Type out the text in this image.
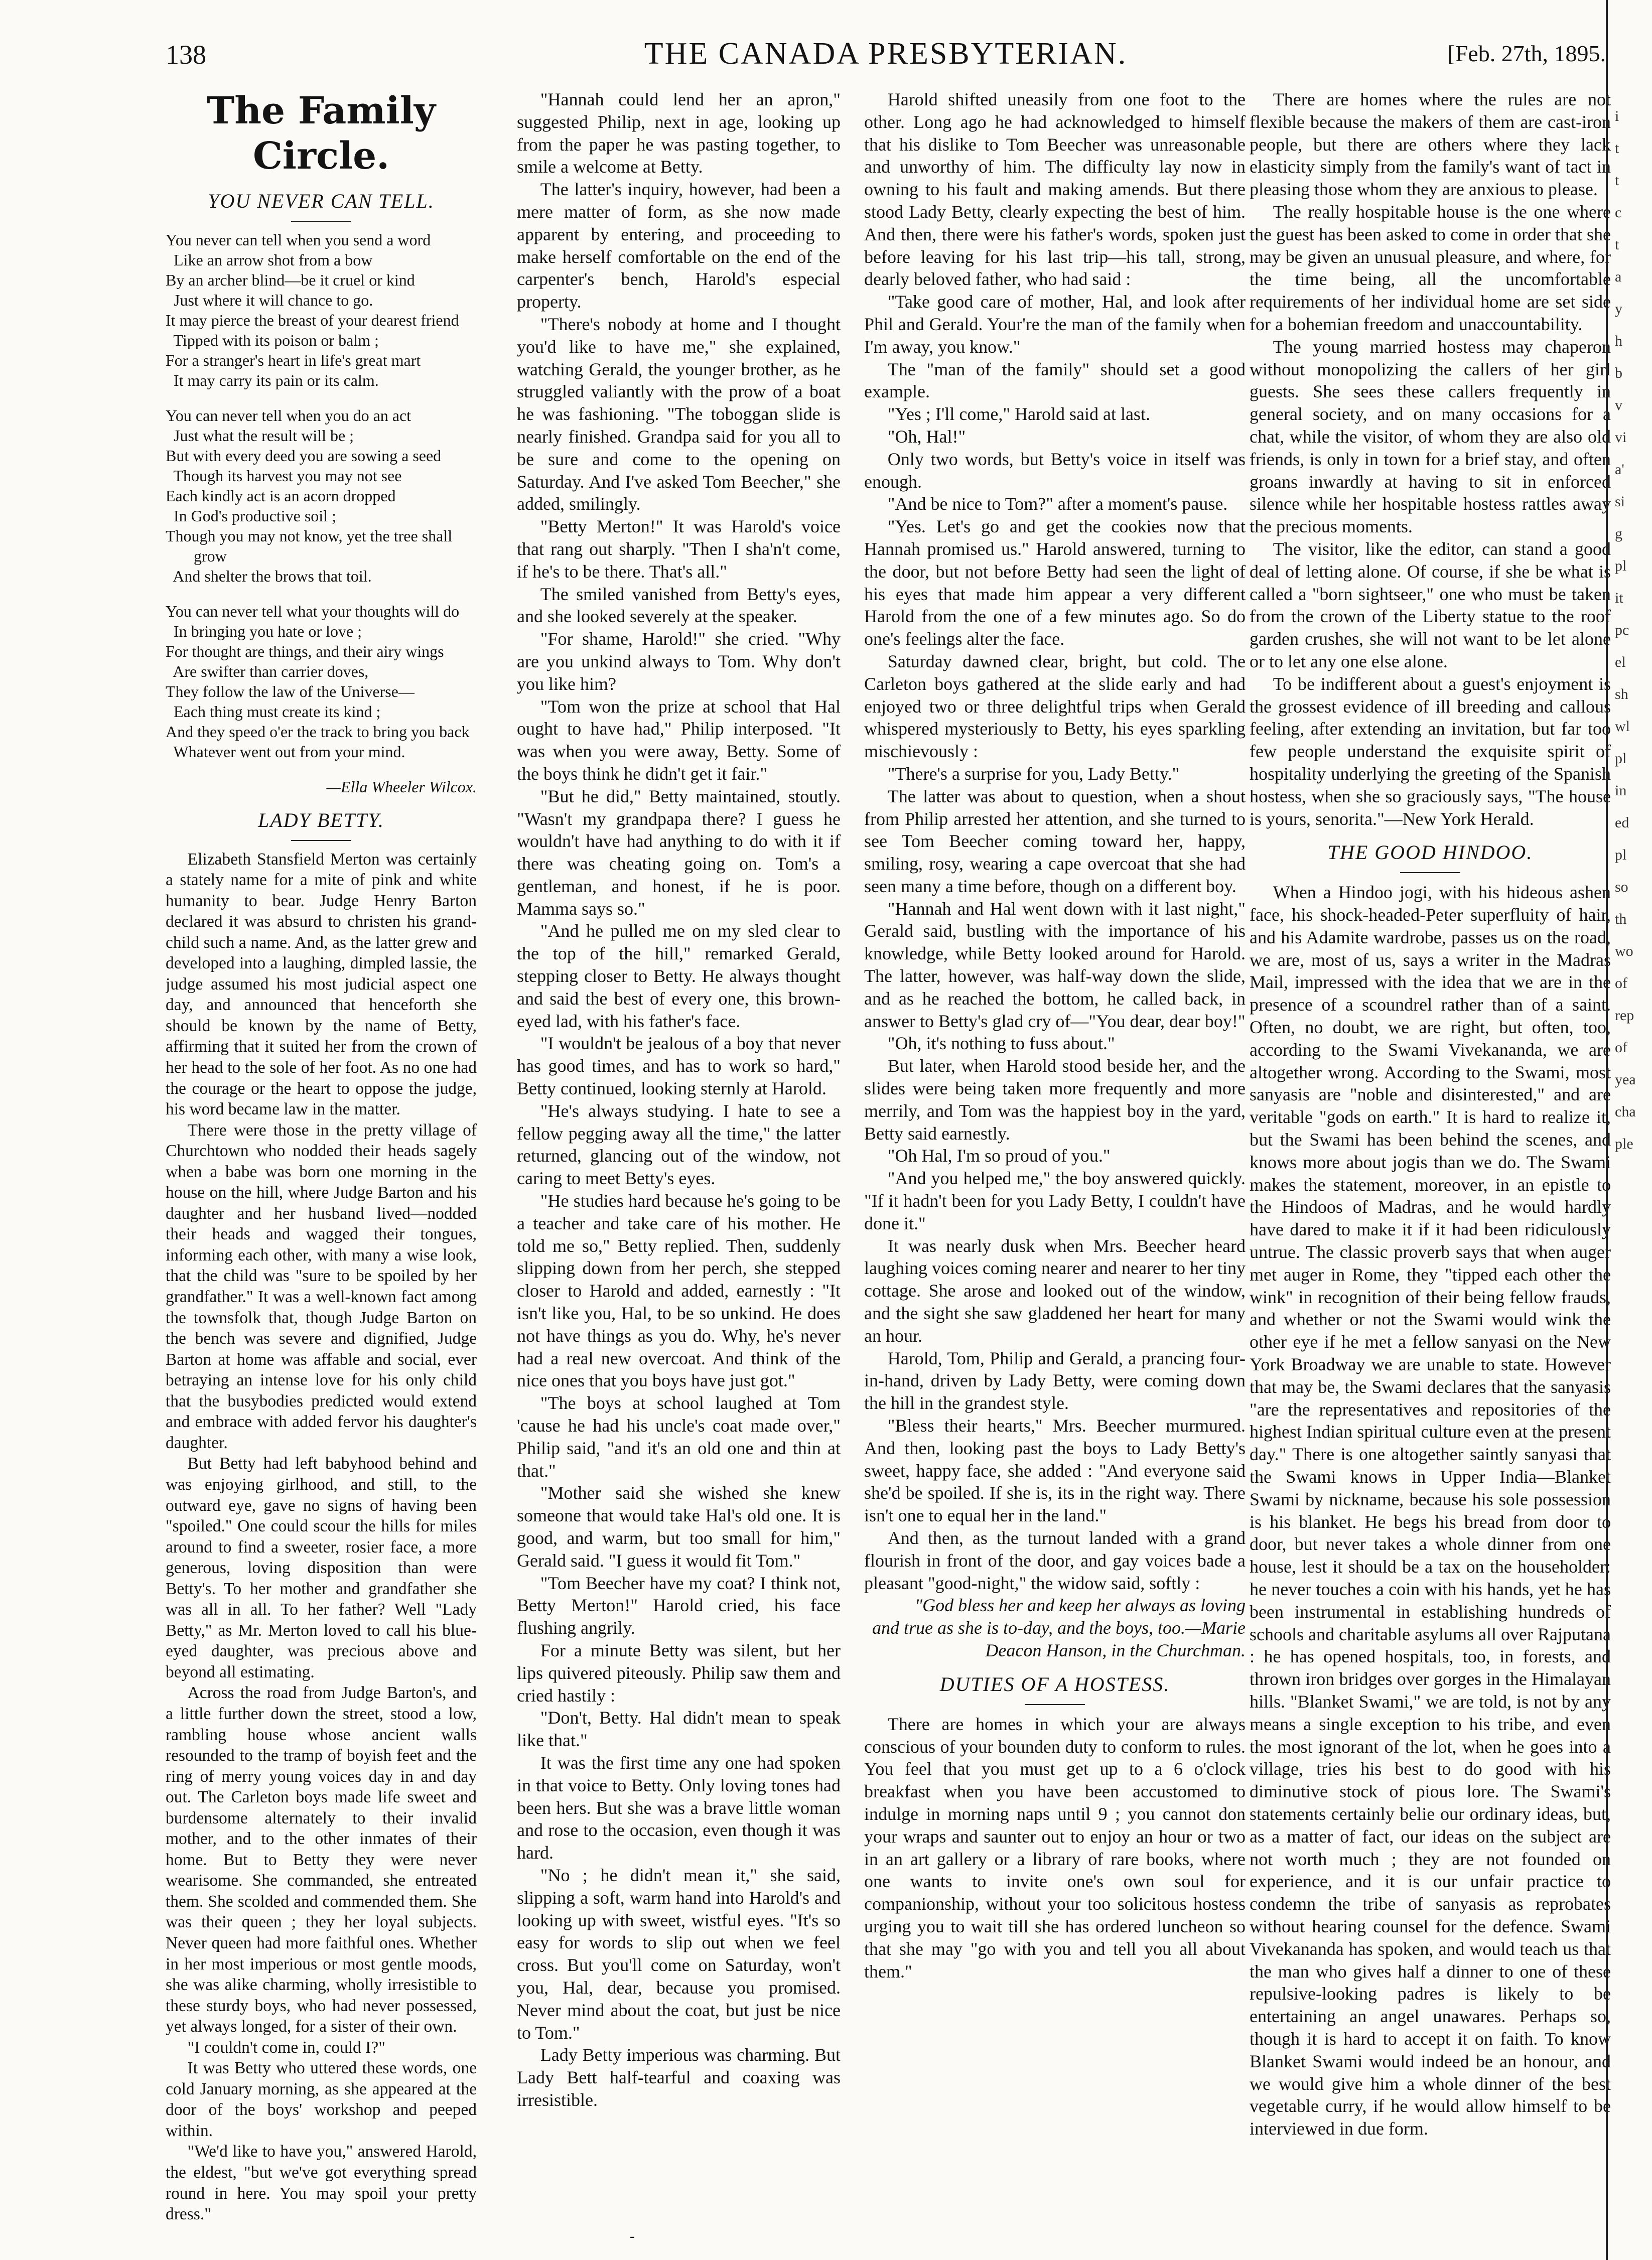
138	THE CANADA PRESBYTERIAN.	[Feb. 27th, 1895.
The Family Circle.
YOU NEVER CAN TELL.
You never can tell when you send a word
Like an arrow shot from a bow
By an archer blind—be it cruel or kind
Just where it will chance to go.
It may pierce the breast of your dearest friend
Tipped with its poison or balm ;
For a stranger's heart in life's great mart
It may carry its pain or its calm.
You can never tell when you do an act
Just what the result will be ;
But with every deed you are sowing a seed
Though its harvest you may not see
Each kindly act is an acorn dropped
In God's productive soil ;
Though you may not know, yet the tree shall
grow
And shelter the brows that toil.
You can never tell what your thoughts will do
In bringing you hate or love ;
For thought are things, and their airy wings
Are swifter than carrier doves,
They follow the law of the Universe—
Each thing must create its kind ;
And they speed o'er the track to bring you back
Whatever went out from your mind.
—Ella Wheeler Wilcox.
LADY BETTY.

Elizabeth Stansfield Merton was certainly a stately name for a mite of pink and white humanity to bear. Judge Henry Barton declared it was absurd to christen his grand-child such a name. And, as the latter grew and developed into a laughing, dimpled lassie, the judge assumed his most judicial aspect one day, and announced that henceforth she should be known by the name of Betty, affirming that it suited her from the crown of her head to the sole of her foot. As no one had the courage or the heart to oppose the judge, his word became law in the matter.

There were those in the pretty village of Churchtown who nodded their heads sagely when a babe was born one morning in the house on the hill, where Judge Barton and his daughter and her husband lived—nodded their heads and wagged their tongues, informing each other, with many a wise look, that the child was "sure to be spoiled by her grandfather." It was a well-known fact among the townsfolk that, though Judge Barton on the bench was severe and dignified, Judge Barton at home was affable and social, ever betraying an intense love for his only child that the busybodies predicted would extend and embrace with added fervor his daughter's daughter.

But Betty had left babyhood behind and was enjoying girlhood, and still, to the outward eye, gave no signs of having been "spoiled." One could scour the hills for miles around to find a sweeter, rosier face, a more generous, loving disposition than were Betty's. To her mother and grandfather she was all in all. To her father? Well "Lady Betty," as Mr. Merton loved to call his blue-eyed daughter, was precious above and beyond all estimating.

Across the road from Judge Barton's, and a little further down the street, stood a low, rambling house whose ancient walls resounded to the tramp of boyish feet and the ring of merry young voices day in and day out. The Carleton boys made life sweet and burdensome alternately to their invalid mother, and to the other inmates of their home. But to Betty they were never wearisome. She commanded, she entreated them. She scolded and commended them. She was their queen ; they her loyal subjects. Never queen had more faithful ones. Whether in her most imperious or most gentle moods, she was alike charming, wholly irresistible to these sturdy boys, who had never possessed, yet always longed, for a sister of their own.

"I couldn't come in, could I?"

It was Betty who uttered these words, one cold January morning, as she appeared at the door of the boys' workshop and peeped within.

"We'd like to have you," answered Harold, the eldest, "but we've got everything spread round in here. You may spoil your pretty dress."

"Hannah could lend her an apron," suggested Philip, next in age, looking up from the paper he was pasting together, to smile a welcome at Betty.

The latter's inquiry, however, had been a mere matter of form, as she now made apparent by entering, and proceeding to make herself comfortable on the end of the carpenter's bench, Harold's especial property.

"There's nobody at home and I thought you'd like to have me," she explained, watching Gerald, the younger brother, as he struggled valiantly with the prow of a boat he was fashioning. "The toboggan slide is nearly finished. Grandpa said for you all to be sure and come to the opening on Saturday. And I've asked Tom Beecher," she added, smilingly.

"Betty Merton!" It was Harold's voice that rang out sharply. "Then I sha'n't come, if he's to be there. That's all."

The smiled vanished from Betty's eyes, and she looked severely at the speaker.

"For shame, Harold!" she cried. "Why are you unkind always to Tom. Why don't you like him?

"Tom won the prize at school that Hal ought to have had," Philip interposed. "It was when you were away, Betty. Some of the boys think he didn't get it fair."

"But he did," Betty maintained, stoutly. "Wasn't my grandpapa there? I guess he wouldn't have had anything to do with it if there was cheating going on. Tom's a gentleman, and honest, if he is poor. Mamma says so."

"And he pulled me on my sled clear to the top of the hill," remarked Gerald, stepping closer to Betty. He always thought and said the best of every one, this brown-eyed lad, with his father's face.

"I wouldn't be jealous of a boy that never has good times, and has to work so hard," Betty continued, looking sternly at Harold.

"He's always studying. I hate to see a fellow pegging away all the time," the latter returned, glancing out of the window, not caring to meet Betty's eyes.

"He studies hard because he's going to be a teacher and take care of his mother. He told me so," Betty replied. Then, suddenly slipping down from her perch, she stepped closer to Harold and added, earnestly : "It isn't like you, Hal, to be so unkind. He does not have things as you do. Why, he's never had a real new overcoat. And think of the nice ones that you boys have just got."

"The boys at school laughed at Tom 'cause he had his uncle's coat made over," Philip said, "and it's an old one and thin at that."

"Mother said she wished she knew someone that would take Hal's old one. It is good, and warm, but too small for him," Gerald said. "I guess it would fit Tom."

"Tom Beecher have my coat? I think not, Betty Merton!" Harold cried, his face flushing angrily.

For a minute Betty was silent, but her lips quivered piteously. Philip saw them and cried hastily :

"Don't, Betty. Hal didn't mean to speak like that."

It was the first time any one had spoken in that voice to Betty. Only loving tones had been hers. But she was a brave little woman and rose to the occasion, even though it was hard.

"No ; he didn't mean it," she said, slipping a soft, warm hand into Harold's and looking up with sweet, wistful eyes. "It's so easy for words to slip out when we feel cross. But you'll come on Saturday, won't you, Hal, dear, because you promised. Never mind about the coat, but just be nice to Tom."

Lady Betty imperious was charming. But Lady Bett half-tearful and coaxing was irresistible.

Harold shifted uneasily from one foot to the other. Long ago he had acknowledged to himself that his dislike to Tom Beecher was unreasonable and unworthy of him. The difficulty lay now in owning to his fault and making amends. But there stood Lady Betty, clearly expecting the best of him. And then, there were his father's words, spoken just before leaving for his last trip—his tall, strong, dearly beloved father, who had said :

"Take good care of mother, Hal, and look after Phil and Gerald. Your're the man of the family when I'm away, you know."

The "man of the family" should set a good example.

"Yes ; I'll come," Harold said at last.

"Oh, Hal!"

Only two words, but Betty's voice in itself was enough.

"And be nice to Tom?" after a moment's pause.

"Yes. Let's go and get the cookies now that Hannah promised us." Harold answered, turning to the door, but not before Betty had seen the light of his eyes that made him appear a very different Harold from the one of a few minutes ago. So do one's feelings alter the face.

Saturday dawned clear, bright, but cold. The Carleton boys gathered at the slide early and had enjoyed two or three delightful trips when Gerald whispered mysteriously to Betty, his eyes sparkling mischievously :

"There's a surprise for you, Lady Betty."

The latter was about to question, when a shout from Philip arrested her attention, and she turned to see Tom Beecher coming toward her, happy, smiling, rosy, wearing a cape overcoat that she had seen many a time before, though on a different boy.

"Hannah and Hal went down with it last night," Gerald said, bustling with the importance of his knowledge, while Betty looked around for Harold. The latter, however, was half-way down the slide, and as he reached the bottom, he called back, in answer to Betty's glad cry of—"You dear, dear boy!"

"Oh, it's nothing to fuss about."

But later, when Harold stood beside her, and the slides were being taken more frequently and more merrily, and Tom was the happiest boy in the yard, Betty said earnestly.

"Oh Hal, I'm so proud of you."

"And you helped me," the boy answered quickly. "If it hadn't been for you Lady Betty, I couldn't have done it."

It was nearly dusk when Mrs. Beecher heard laughing voices coming nearer and nearer to her tiny cottage. She arose and looked out of the window, and the sight she saw gladdened her heart for many an hour.

Harold, Tom, Philip and Gerald, a prancing four-in-hand, driven by Lady Betty, were coming down the hill in the grandest style.

"Bless their hearts," Mrs. Beecher murmured. And then, looking past the boys to Lady Betty's sweet, happy face, she added : "And everyone said she'd be spoiled. If she is, its in the right way. There isn't one to equal her in the land."

And then, as the turnout landed with a grand flourish in front of the door, and gay voices bade a pleasant "good-night," the widow said, softly :

"God bless her and keep her always as loving and true as she is to-day, and the boys, too.—Marie Deacon Hanson, in the Churchman.

DUTIES OF A HOSTESS.

There are homes in which your are always conscious of your bounden duty to conform to rules. You feel that you must get up to a 6 o'clock breakfast when you have been accustomed to indulge in morning naps until 9 ; you cannot don your wraps and saunter out to enjoy an hour or two in an art gallery or a library of rare books, where one wants to invite one's own soul for companionship, without your too solicitous hostess urging you to wait till she has ordered luncheon so that she may "go with you and tell you all about them."

There are homes where the rules are not flexible because the makers of them are cast-iron people, but there are others where they lack elasticity simply from the family's want of tact in pleasing those whom they are anxious to please.

The really hospitable house is the one where the guest has been asked to come in order that she may be given an unusual pleasure, and where, for the time being, all the uncomfortable requirements of her individual home are set side for a bohemian freedom and unaccountability.

The young married hostess may chaperon without monopolizing the callers of her girl guests. She sees these callers frequently in general society, and on many occasions for a chat, while the visitor, of whom they are also old friends, is only in town for a brief stay, and often groans inwardly at having to sit in enforced silence while her hospitable hostess rattles away the precious moments.

The visitor, like the editor, can stand a good deal of letting alone. Of course, if she be what is called a "born sightseer," one who must be taken from the crown of the Liberty statue to the roof garden crushes, she will not want to be let alone or to let any one else alone.

To be indifferent about a guest's enjoyment is the grossest evidence of ill breeding and callous feeling, after extending an invitation, but far too few people understand the exquisite spirit of hospitality underlying the greeting of the Spanish hostess, when she so graciously says, "The house is yours, senorita."—New York Herald.

THE GOOD HINDOO.

When a Hindoo jogi, with his hideous ashen face, his shock-headed-Peter superfluity of hair, and his Adamite wardrobe, passes us on the road, we are, most of us, says a writer in the Madras Mail, impressed with the idea that we are in the presence of a scoundrel rather than of a saint. Often, no doubt, we are right, but often, too, according to the Swami Vivekananda, we are altogether wrong. According to the Swami, most sanyasis are "noble and disinterested," and are veritable "gods on earth." It is hard to realize it, but the Swami has been behind the scenes, and knows more about jogis than we do. The Swami makes the statement, moreover, in an epistle to the Hindoos of Madras, and he would hardly have dared to make it if it had been ridiculously untrue. The classic proverb says that when auger met auger in Rome, they "tipped each other the wink" in recognition of their being fellow frauds, and whether or not the Swami would wink the other eye if he met a fellow sanyasi on the New York Broadway we are unable to state. However that may be, the Swami declares that the sanyasis "are the representatives and repositories of the highest Indian spiritual culture even at the present day." There is one altogether saintly sanyasi that the Swami knows in Upper India—Blanket Swami by nickname, because his sole possession is his blanket. He begs his bread from door to door, but never takes a whole dinner from one house, lest it should be a tax on the householder: he never touches a coin with his hands, yet he has been instrumental in establishing hundreds of schools and charitable asylums all over Rajputana : he has opened hospitals, too, in forests, and thrown iron bridges over gorges in the Himalayan hills. "Blanket Swami," we are told, is not by any means a single exception to his tribe, and even the most ignorant of the lot, when he goes into a village, tries his best to do good with his diminutive stock of pious lore. The Swami's statements certainly belie our ordinary ideas, but, as a matter of fact, our ideas on the subject are not worth much ; they are not founded on experience, and it is our unfair practice to condemn the tribe of sanyasis as reprobates without hearing counsel for the defence. Swami Vivekananda has spoken, and would teach us that the man who gives half a dinner to one of these repulsive-looking padres is likely to be entertaining an angel unawares. Perhaps so, though it is hard to accept it on faith. To know Blanket Swami would indeed be an honour, and we would give him a whole dinner of the best vegetable curry, if he would allow himself to be interviewed in due form.

i
t
t
c
t
a
y
h
b
v
vi
a'
si
g
pl
it
pc
el
sh
wl
pl
in
ed
pl
so
th
wo
of
rep
of
yea
cha
ple
-
